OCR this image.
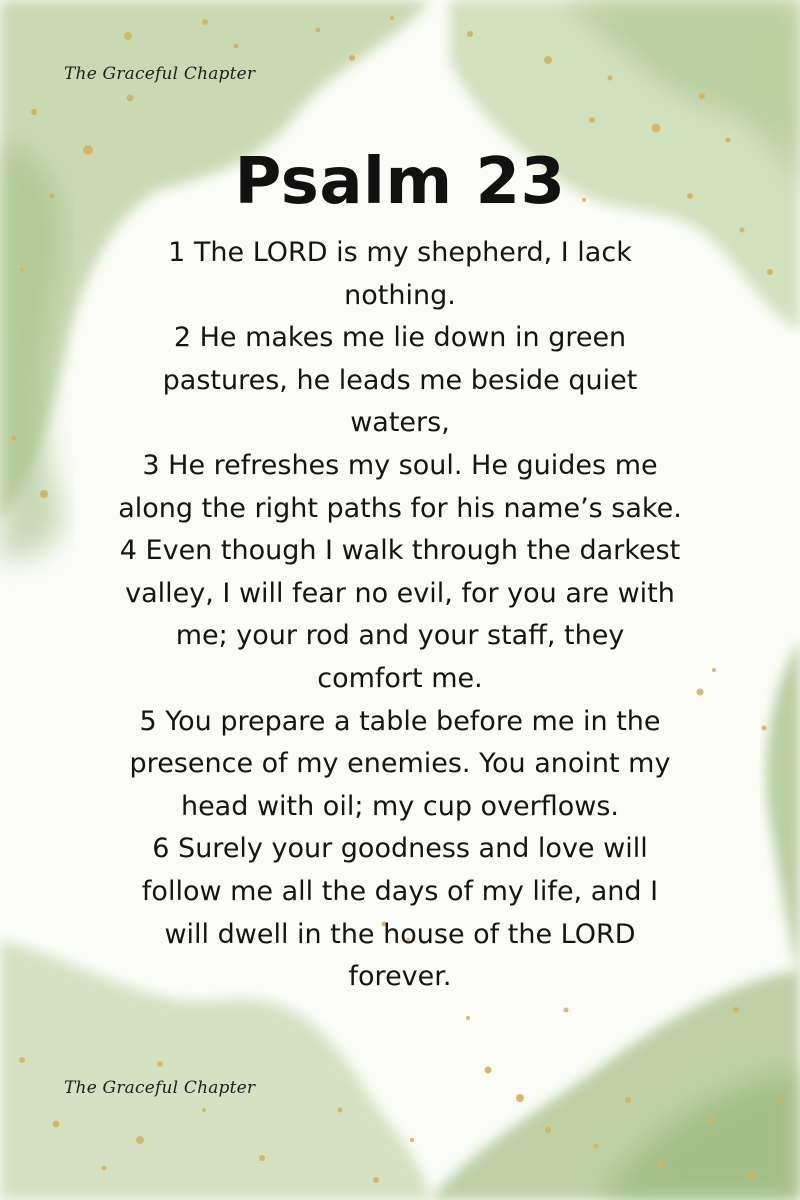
The Graceful Chapter
Psalm 23
1 The LORD is my shepherd, I lack
nothing.
2 He makes me lie down in green
pastures, he leads me beside quiet
waters,
3 He refreshes my soul. He guides me
along the right paths for his name’s sake.
4 Even though I walk through the darkest
valley, I will fear no evil, for you are with
me; your rod and your staff, they
comfort me.
5 You prepare a table before me in the
presence of my enemies. You anoint my
head with oil; my cup overflows.
6 Surely your goodness and love will
follow me all the days of my life, and I
will dwell in the house of the LORD
forever.
The Graceful Chapter
